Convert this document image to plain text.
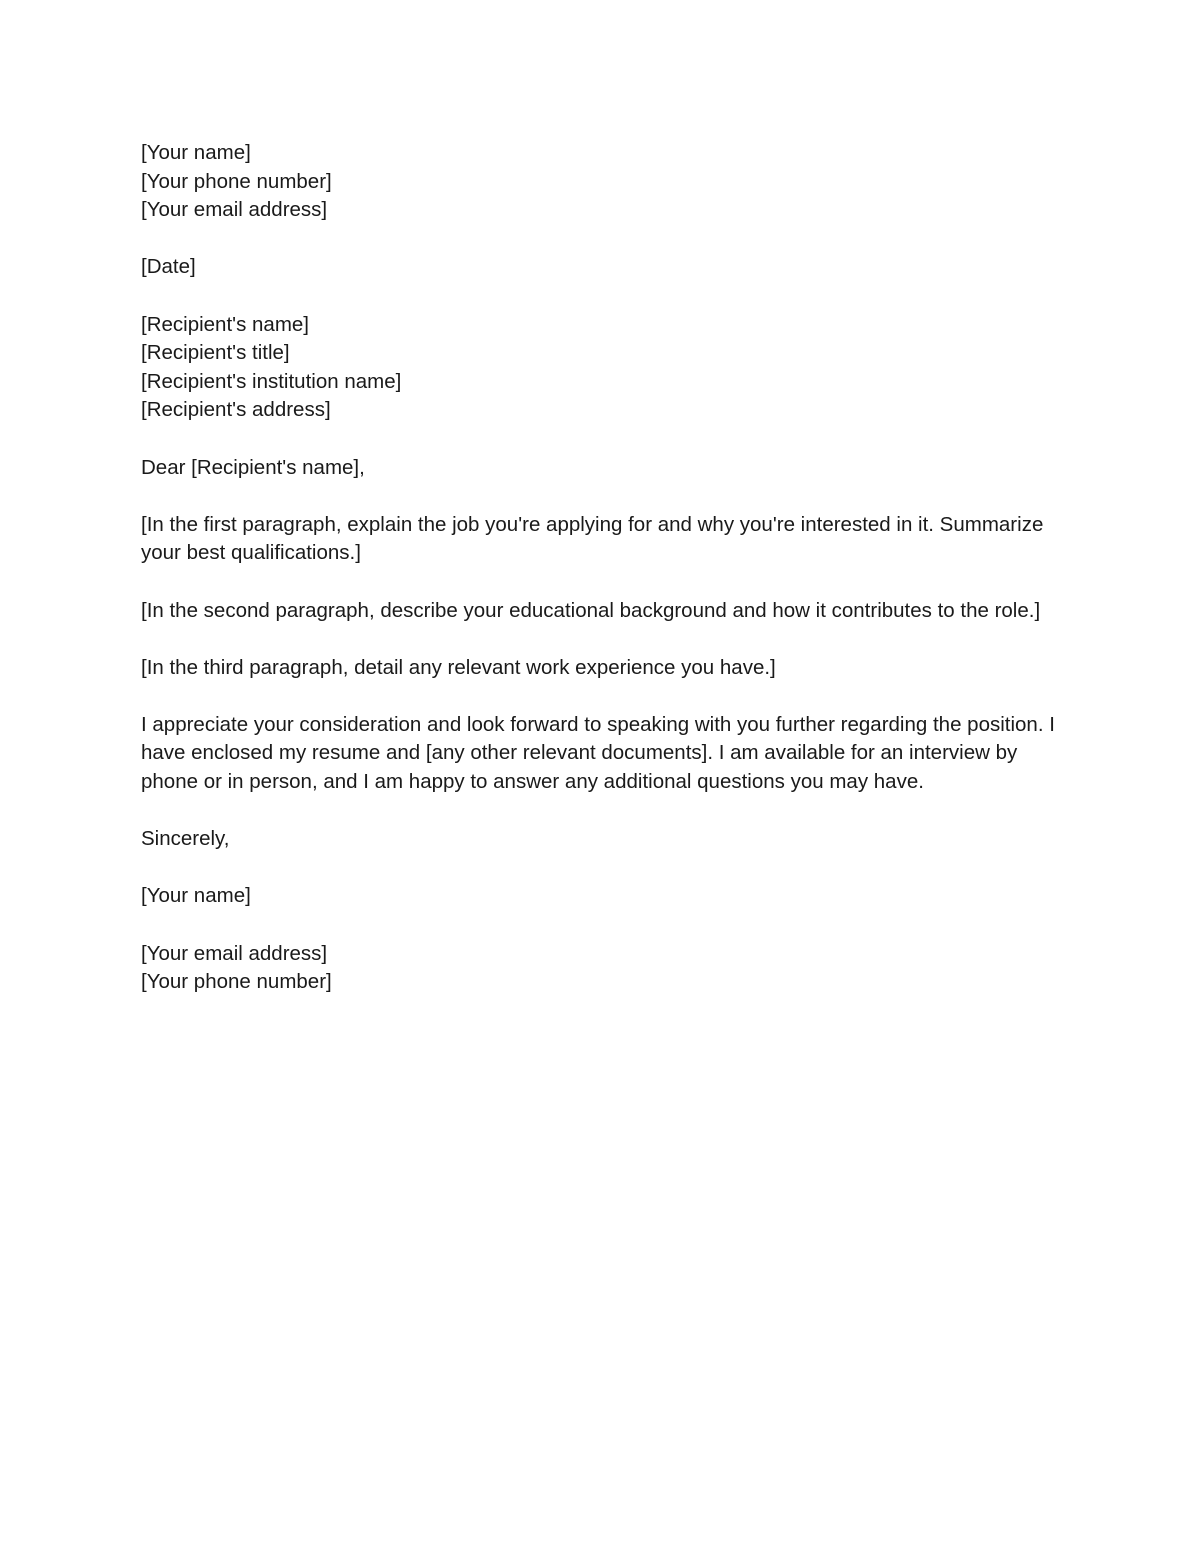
[Your name]
[Your phone number]
[Your email address]
[Date]
[Recipient's name]
[Recipient's title]
[Recipient's institution name]
[Recipient's address]
Dear [Recipient's name],

[In the first paragraph, explain the job you're applying for and why you're interested in it. Summarize your best qualifications.]

[In the second paragraph, describe your educational background and how it contributes to the role.]

[In the third paragraph, detail any relevant work experience you have.]

I appreciate your consideration and look forward to speaking with you further regarding the position. I have enclosed my resume and [any other relevant documents]. I am available for an interview by phone or in person, and I am happy to answer any additional questions you may have.

Sincerely,
[Your name]
[Your email address]
[Your phone number]
